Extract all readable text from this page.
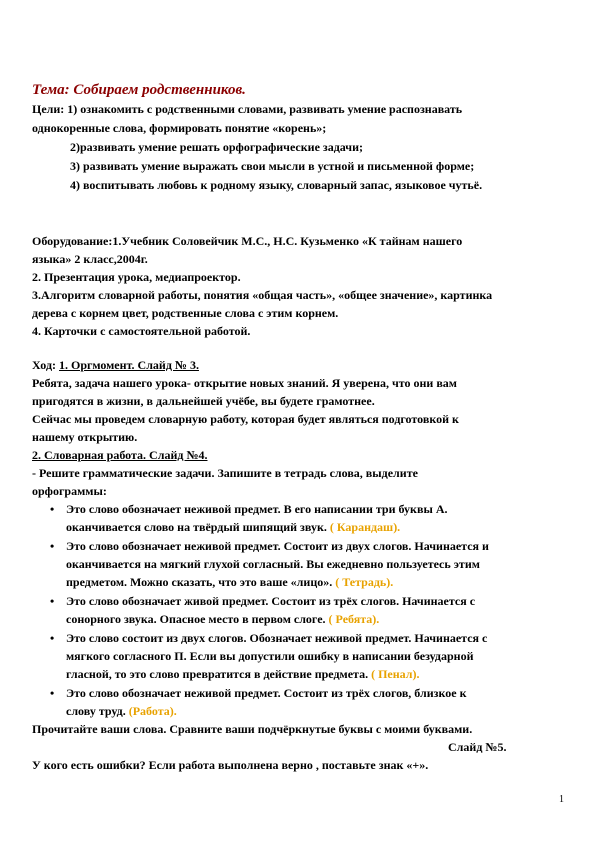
Тема: Собираем родственников.
Цели: 1) ознакомить с родственными словами, развивать умение распознавать
однокоренные слова, формировать понятие «корень»;
2)развивать умение решать орфографические задачи;
3) развивать умение выражать свои мысли в устной и письменной форме;
4) воспитывать любовь к родному языку, словарный запас, языковое чутьё.
Оборудование:1.Учебник Соловейчик М.С., Н.С. Кузьменко «К тайнам нашего
языка» 2 класс,2004г.
2. Презентация урока, медиапроектор.
3.Алгоритм словарной работы, понятия «общая часть», «общее значение», картинка
дерева с корнем цвет, родственные слова с этим корнем.
4. Карточки с самостоятельной работой.
Ход: 1. Оргмомент. Слайд № 3.
Ребята, задача нашего урока- открытие новых знаний. Я уверена, что они вам
пригодятся в жизни, в дальнейшей учёбе, вы будете грамотнее.
Сейчас мы проведем словарную работу, которая будет являться подготовкой к
нашему открытию.
2. Словарная работа. Слайд №4.
- Решите грамматические задачи. Запишите в тетрадь слова, выделите
орфограммы:
• Это слово обозначает неживой предмет. В его написании три буквы А.
оканчивается слово на твёрдый шипящий звук. ( Карандаш).
• Это слово обозначает неживой предмет. Состоит из двух слогов. Начинается и
оканчивается на мягкий глухой согласный. Вы ежедневно пользуетесь этим
предметом. Можно сказать, что это ваше «лицо». ( Тетрадь).
• Это слово обозначает живой предмет. Состоит из трёх слогов. Начинается с
сонорного звука. Опасное место в первом слоге. ( Ребята).
• Это слово состоит из двух слогов. Обозначает неживой предмет. Начинается с
мягкого согласного П. Если вы допустили ошибку в написании безударной
гласной, то это слово превратится в действие предмета. ( Пенал).
• Это слово обозначает неживой предмет. Состоит из трёх слогов, близкое к
слову труд. (Работа).
Прочитайте ваши слова. Сравните ваши подчёркнутые буквы с моими буквами.
Слайд №5.
У кого есть ошибки? Если работа выполнена верно , поставьте знак «+».
1
